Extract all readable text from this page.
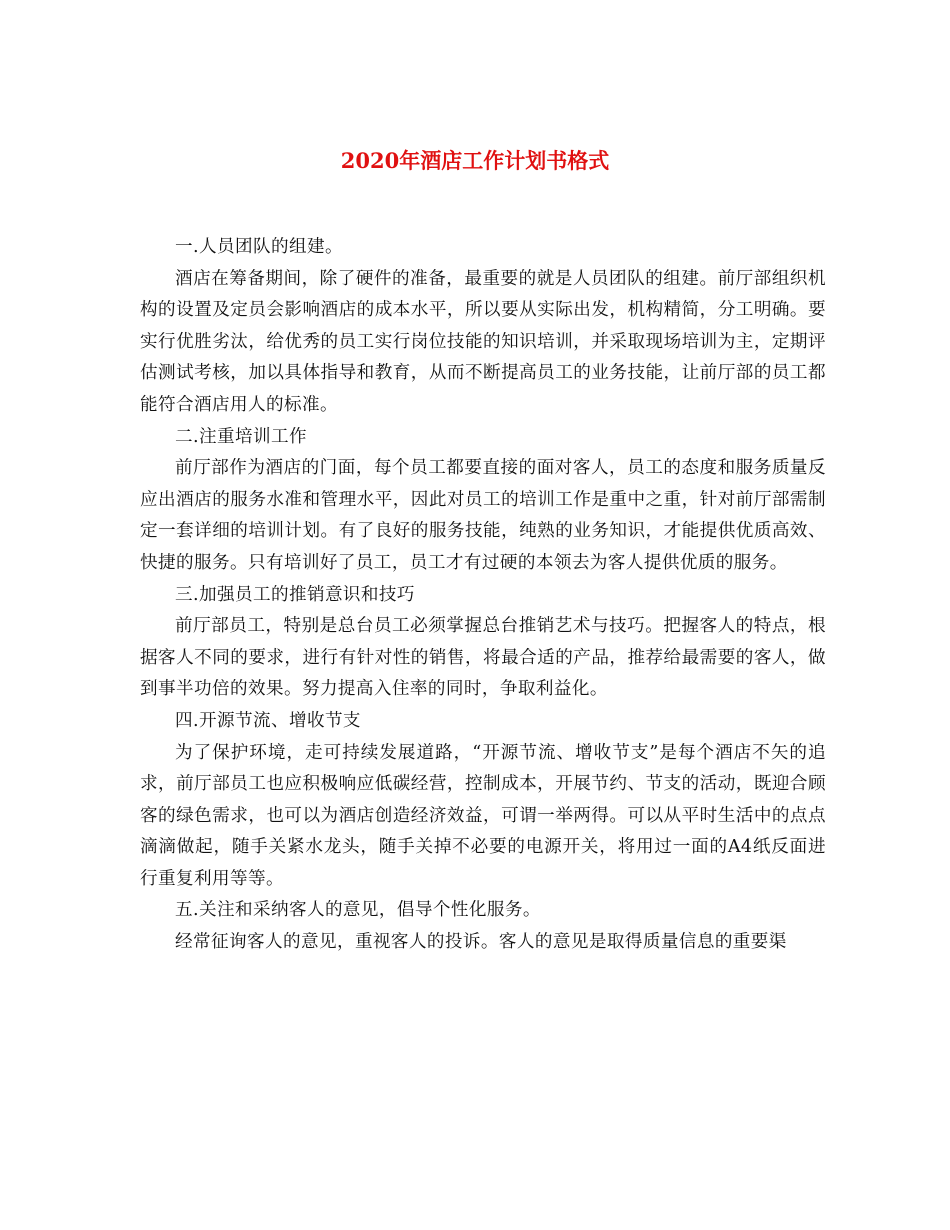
2020年酒店工作计划书格式

一.人员团队的组建。

酒店在筹备期间，除了硬件的准备，最重要的就是人员团队的组建。前厅部组织机构的设置及定员会影响酒店的成本水平，所以要从实际出发，机构精简，分工明确。要实行优胜劣汰，给优秀的员工实行岗位技能的知识培训，并采取现场培训为主，定期评估测试考核，加以具体指导和教育，从而不断提高员工的业务技能，让前厅部的员工都能符合酒店用人的标准。

二.注重培训工作

前厅部作为酒店的门面，每个员工都要直接的面对客人，员工的态度和服务质量反应出酒店的服务水准和管理水平，因此对员工的培训工作是重中之重，针对前厅部需制定一套详细的培训计划。有了良好的服务技能，纯熟的业务知识，才能提供优质高效、快捷的服务。只有培训好了员工，员工才有过硬的本领去为客人提供优质的服务。

三.加强员工的推销意识和技巧

前厅部员工，特别是总台员工必须掌握总台推销艺术与技巧。把握客人的特点，根据客人不同的要求，进行有针对性的销售，将最合适的产品，推荐给最需要的客人，做到事半功倍的效果。努力提高入住率的同时，争取利益化。

四.开源节流、增收节支

为了保护环境，走可持续发展道路，“开源节流、增收节支”是每个酒店不矢的追求，前厅部员工也应积极响应低碳经营，控制成本，开展节约、节支的活动，既迎合顾客的绿色需求，也可以为酒店创造经济效益，可谓一举两得。可以从平时生活中的点点滴滴做起，随手关紧水龙头，随手关掉不必要的电源开关，将用过一面的A4纸反面进行重复利用等等。

五.关注和采纳客人的意见，倡导个性化服务。

经常征询客人的意见，重视客人的投诉。客人的意见是取得质量信息的重要渠
